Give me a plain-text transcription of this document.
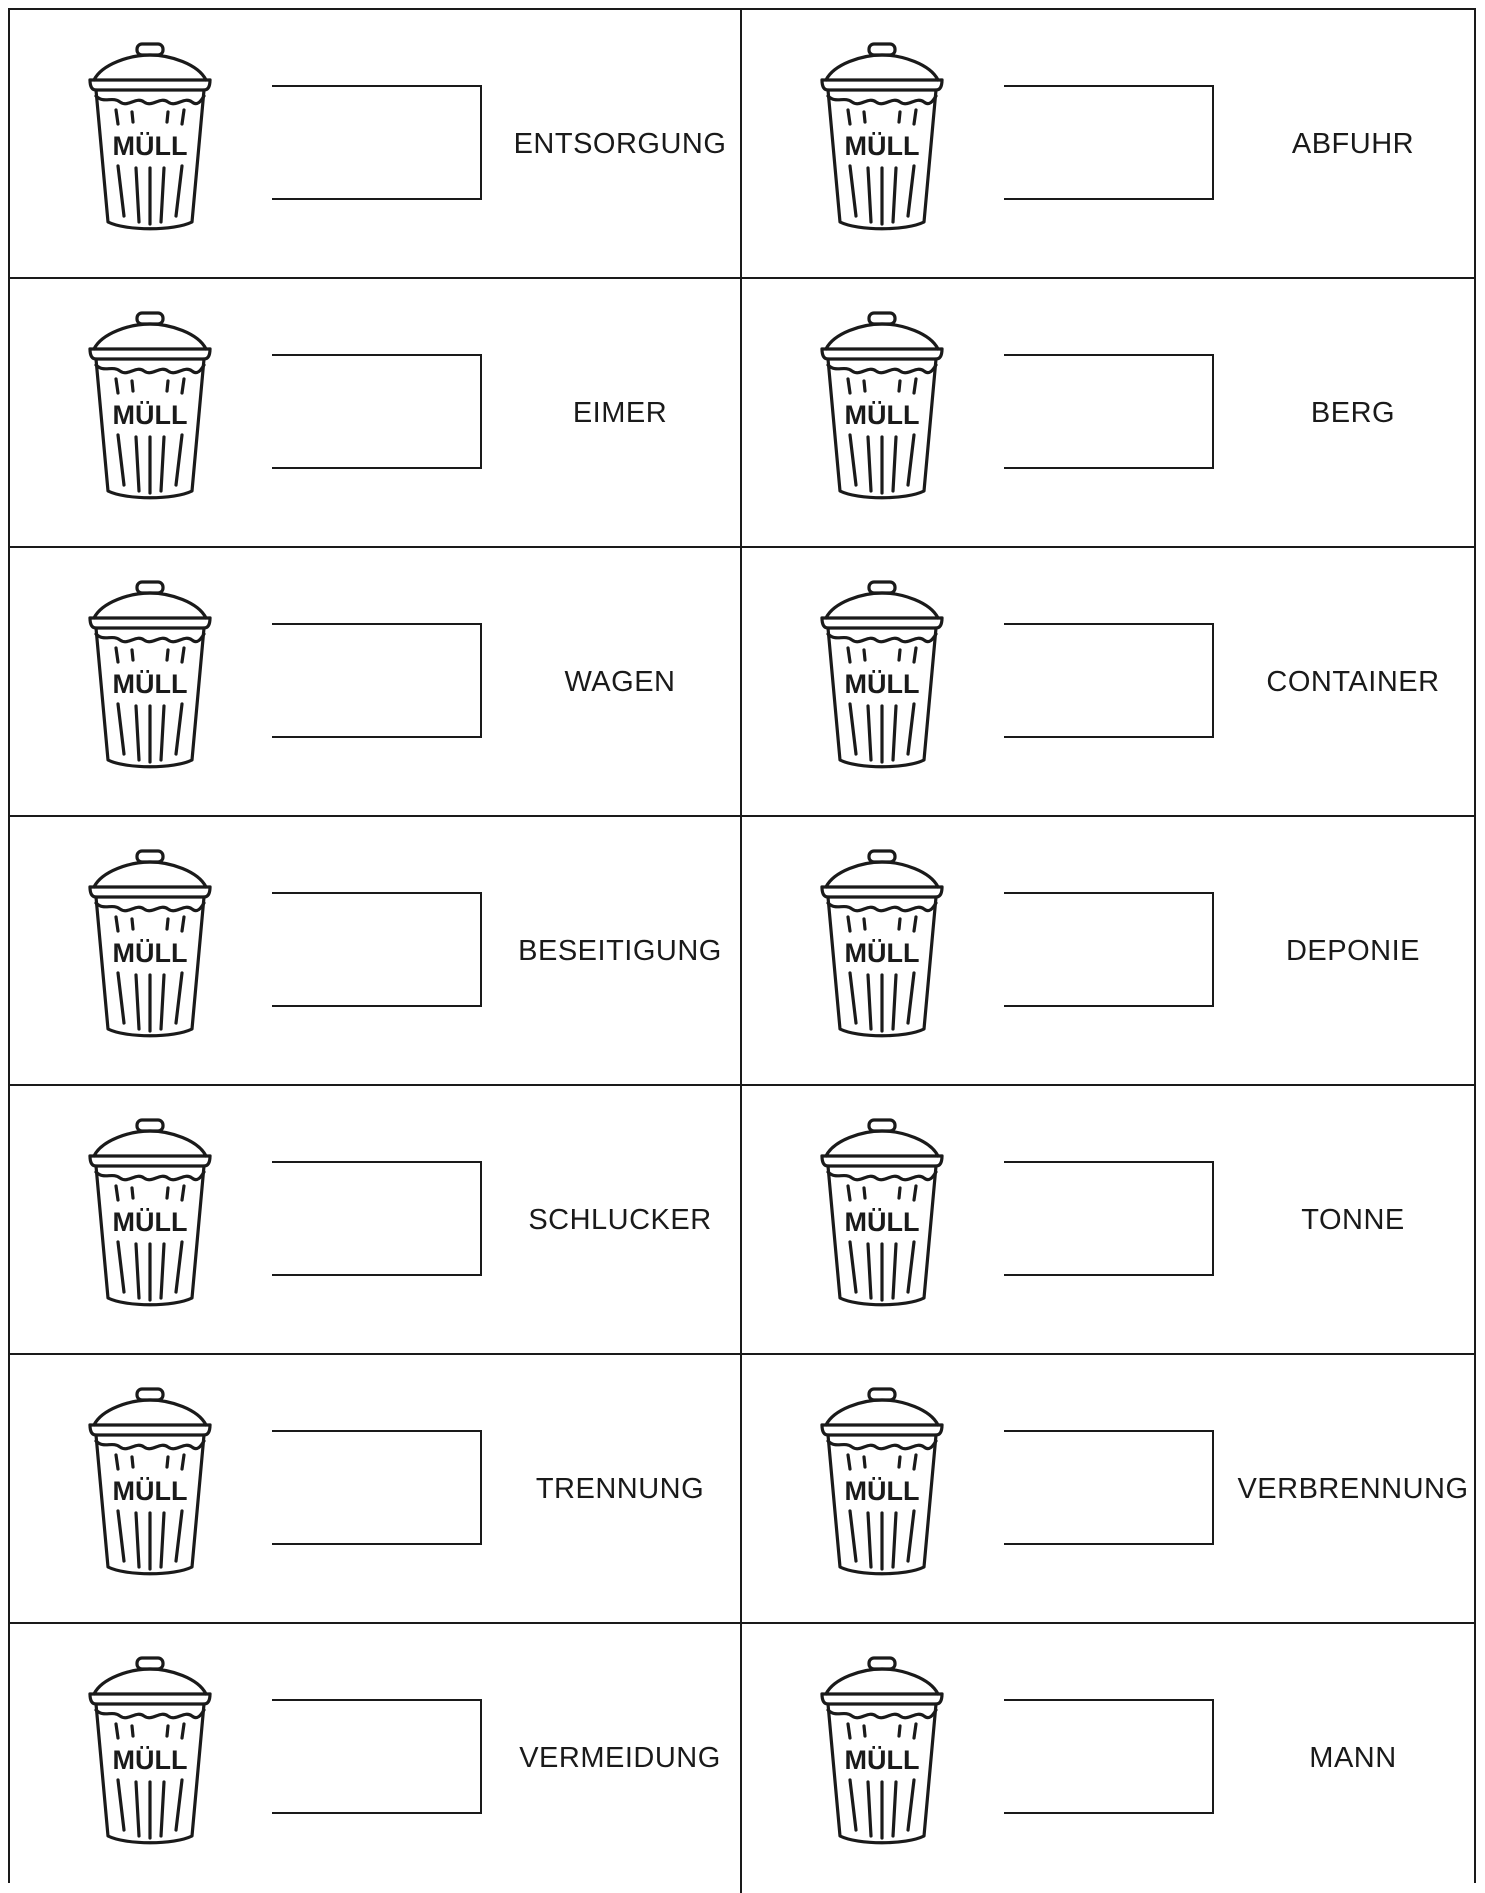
MÜLL	ENTSORGUNG	MÜLL	ABFUHR
MÜLL	EIMER	MÜLL	BERG
MÜLL	WAGEN	MÜLL	CONTAINER
MÜLL	BESEITIGUNG	MÜLL	DEPONIE
MÜLL	SCHLUCKER	MÜLL	TONNE
MÜLL	TRENNUNG	MÜLL	VERBRENNUNG
MÜLL	VERMEIDUNG	MÜLL	MANN
